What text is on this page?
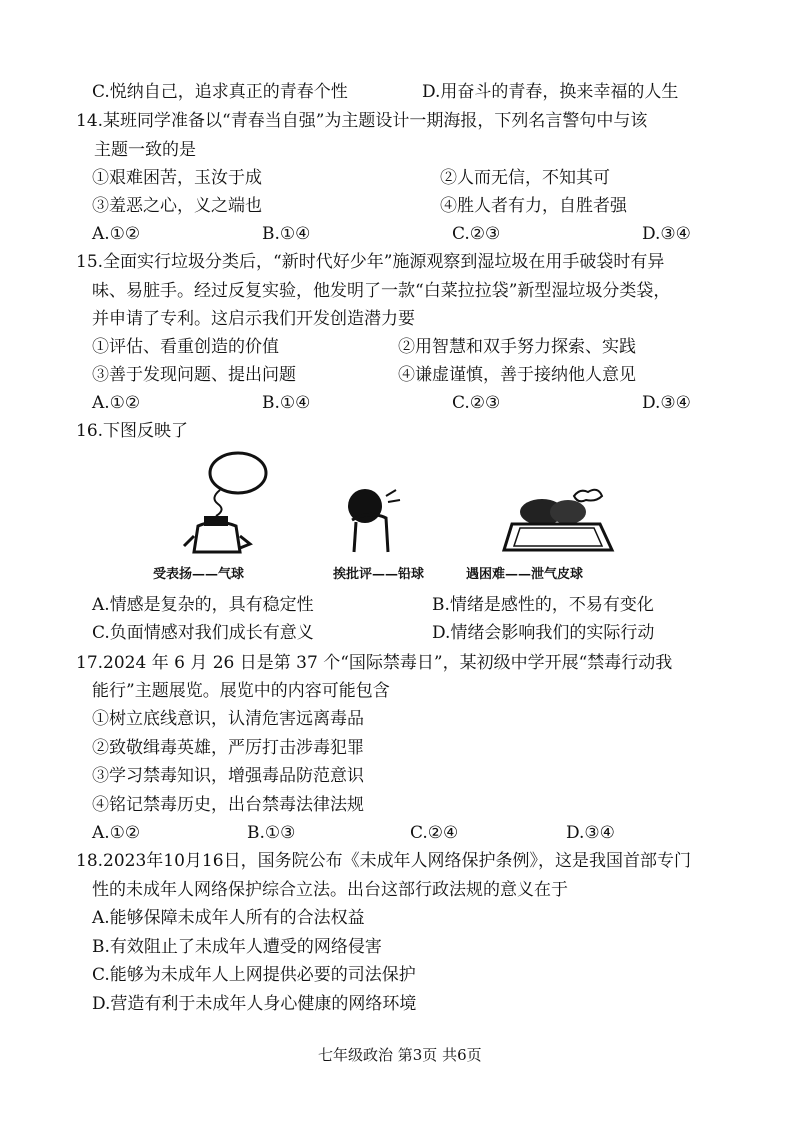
C.悦纳自己，追求真正的青春个性	D.用奋斗的青春，换来幸福的人生
14.某班同学准备以“青春当自强”为主题设计一期海报，下列名言警句中与该
主题一致的是
①艰难困苦，玉汝于成	②人而无信，不知其可
③羞恶之心，义之端也	④胜人者有力，自胜者强
A.①②	B.①④	C.②③	D.③④
15.全面实行垃圾分类后，“新时代好少年”施源观察到湿垃圾在用手破袋时有异
味、易脏手。经过反复实验，他发明了一款“白菜拉拉袋”新型湿垃圾分类袋，
并申请了专利。这启示我们开发创造潜力要
①评估、看重创造的价值	②用智慧和双手努力探索、实践
③善于发现问题、提出问题	④谦虚谨慎，善于接纳他人意见
A.①②	B.①④	C.②③	D.③④
16.下图反映了
受表扬——气球	挨批评——铅球	遇困难——泄气皮球
A.情感是复杂的，具有稳定性	B.情绪是感性的，不易有变化
C.负面情感对我们成长有意义	D.情绪会影响我们的实际行动
17.2024 年 6 月 26 日是第 37 个“国际禁毒日”，某初级中学开展“禁毒行动我
能行”主题展览。展览中的内容可能包含
①树立底线意识，认清危害远离毒品
②致敬缉毒英雄，严厉打击涉毒犯罪
③学习禁毒知识，增强毒品防范意识
④铭记禁毒历史，出台禁毒法律法规
A.①②	B.①③	C.②④	D.③④
18.2023年10月16日，国务院公布《未成年人网络保护条例》，这是我国首部专门
性的未成年人网络保护综合立法。出台这部行政法规的意义在于
A.能够保障未成年人所有的合法权益
B.有效阻止了未成年人遭受的网络侵害
C.能够为未成年人上网提供必要的司法保护
D.营造有利于未成年人身心健康的网络环境
七年级政治 第3页 共6页
